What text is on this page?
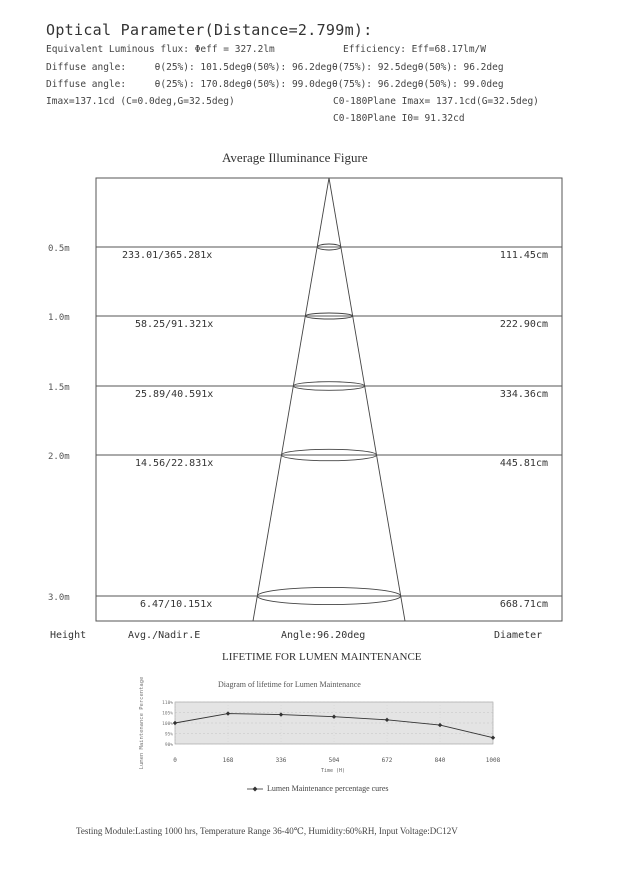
Optical Parameter(Distance=2.799m):
Equivalent Luminous flux: Φeff = 327.2lm	Efficiency: Eff=68.17lm/W
Diffuse angle:     θ(25%): 101.5degθ(50%): 96.2degθ(75%): 92.5degθ(50%): 96.2deg
Diffuse angle:     θ(25%): 170.8degθ(50%): 99.0degθ(75%): 96.2degθ(50%): 99.0deg
Imax=137.1cd (C=0.0deg,G=32.5deg)	C0-180Plane Imax= 137.1cd(G=32.5deg)
C0-180Plane I0= 91.32cd
Average Illuminance Figure
0.5m
233.01/365.281x	111.45cm
1.0m
58.25/91.321x	222.90cm
1.5m
25.89/40.591x	334.36cm
2.0m
14.56/22.831x	445.81cm
3.0m
6.47/10.151x	668.71cm
Height	Avg./Nadir.E	Angle:96.20deg	Diameter
LIFETIME FOR LUMEN MAINTENANCE
Diagram of lifetime for Lumen Maintenance
110%
105%
100%
95%
90%
0	168	336	504	672	840	1008
Lumen Maintenance Percentage
Time (H)
Lumen Maintenance percentage cures
Testing Module:Lasting 1000 hrs, Temperature Range 36-40℃, Humidity:60%RH, Input Voltage:DC12V
